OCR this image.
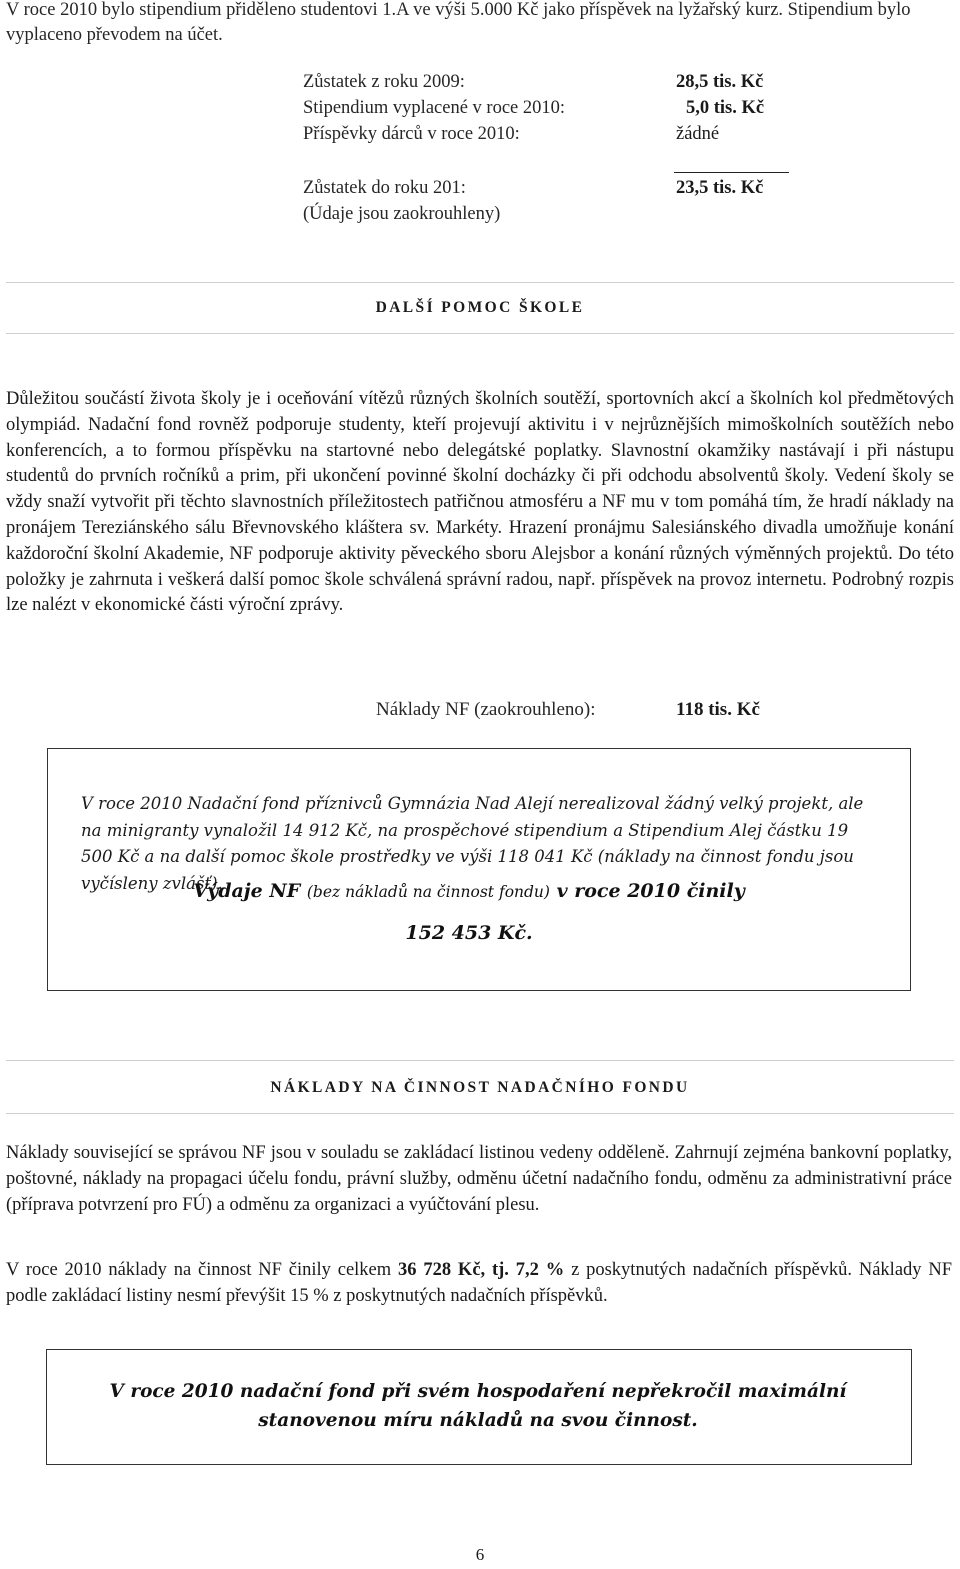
V roce 2010 bylo stipendium přiděleno studentovi 1.A ve výši 5.000 Kč jako příspěvek na lyžařský kurz. Stipendium bylo vyplaceno převodem na účet.
Zůstatek z roku 2009:	28,5 tis. Kč
Stipendium vyplacené v roce 2010:	5,0 tis. Kč
Příspěvky dárců v roce 2010:	žádné
Zůstatek do roku 201:	23,5 tis. Kč
(Údaje jsou zaokrouhleny)
DALŠÍ POMOC ŠKOLE
Důležitou součástí života školy je i oceňování vítězů různých školních soutěží, sportovních akcí a školních kol předmětových olympiád. Nadační fond rovněž podporuje studenty, kteří projevují aktivitu i v nejrůznějších mimoškolních soutěžích nebo konferencích, a to formou příspěvku na startovné nebo delegátské poplatky. Slavnostní okamžiky nastávají i při nástupu studentů do prvních ročníků a prim, při ukončení povinné školní docházky či při odchodu absolventů školy. Vedení školy se vždy snaží vytvořit při těchto slavnostních příležitostech patřičnou atmosféru a NF mu v tom pomáhá tím, že hradí náklady na pronájem Tereziánského sálu Břevnovského kláštera sv. Markéty. Hrazení pronájmu Salesiánského divadla umožňuje konání každoroční školní Akademie, NF podporuje aktivity pěveckého sboru Alejsbor a konání různých výměnných projektů. Do této položky je zahrnuta i veškerá další pomoc škole schválená správní radou, např. příspěvek na provoz internetu. Podrobný rozpis lze nalézt v ekonomické části výroční zprávy.
Náklady NF (zaokrouhleno):	118 tis. Kč
V roce 2010 Nadační fond příznivců Gymnázia Nad Alejí nerealizoval žádný velký projekt, ale na minigranty vynaložil 14 912 Kč, na prospěchové stipendium a Stipendium Alej částku 19 500 Kč a na další pomoc škole prostředky ve výši 118 041 Kč (náklady na činnost fondu jsou vyčísleny zvlášť).
Výdaje NF (bez nákladů na činnost fondu) v roce 2010 činily
152 453 Kč.
NÁKLADY NA ČINNOST NADAČNÍHO FONDU
Náklady související se správou NF jsou v souladu se zakládací listinou vedeny odděleně. Zahrnují zejména bankovní poplatky, poštovné, náklady na propagaci účelu fondu, právní služby, odměnu účetní nadačního fondu, odměnu za administrativní práce (příprava potvrzení pro FÚ) a odměnu za organizaci a vyúčtování plesu.
V roce 2010 náklady na činnost NF činily celkem 36 728 Kč, tj. 7,2 % z poskytnutých nadačních příspěvků. Náklady NF podle zakládací listiny nesmí převýšit 15 % z poskytnutých nadačních příspěvků.
V roce 2010 nadační fond při svém hospodaření nepřekročil maximální stanovenou míru nákladů na svou činnost.
6
